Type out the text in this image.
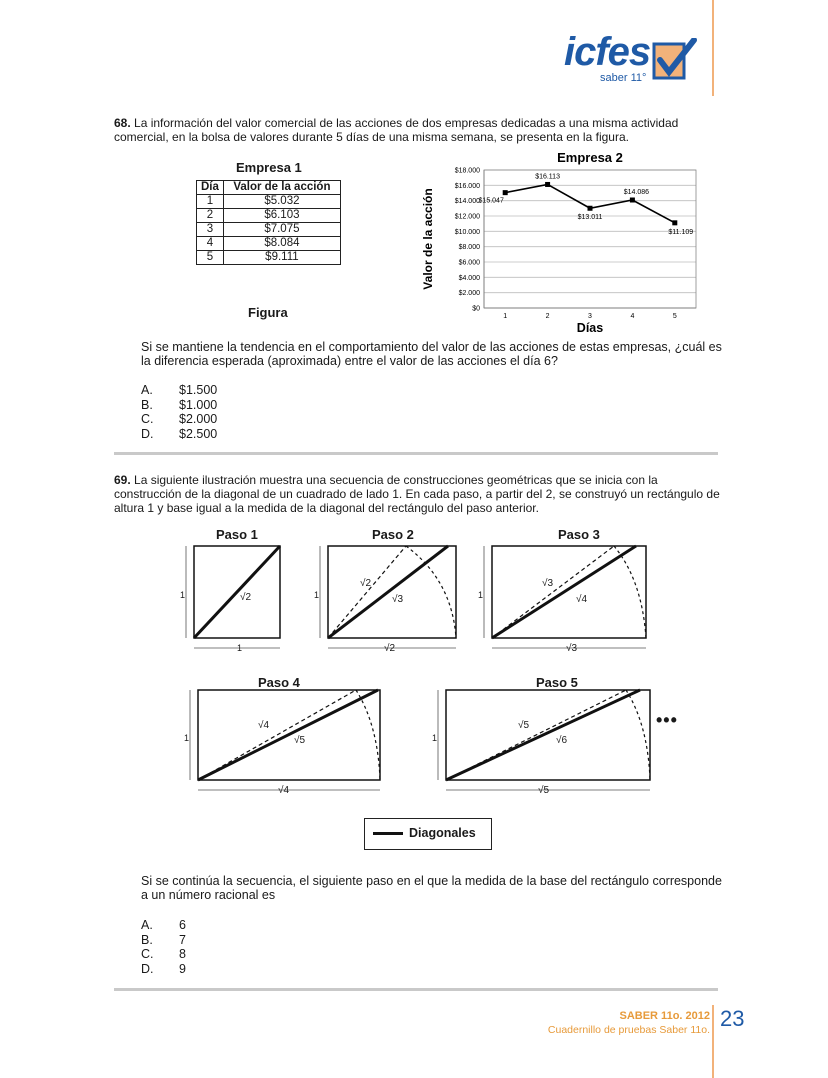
icfes
saber 11°
68. La información del valor comercial de las acciones de dos empresas dedicadas a una misma actividad comercial, en la bolsa de valores durante 5 días de una misma semana, se presenta en la figura.
Empresa 1
Día	Valor de la acción
1	$5.032
2	$6.103
3	$7.075
4	$8.084
5	$9.111
Figura
Empresa 2
$0
$2.000
$4.000
$6.000
$8.000
$10.000
$12.000
$14.000
$16.000
$18.000
1	2	3	4	5
$15.047
$16.113
$13.011
$14.086
$11.109
Días
Valor de la acción
Si se mantiene la tendencia en el comportamiento del valor de las acciones de estas empresas, ¿cuál es la diferencia esperada (aproximada) entre el valor de las acciones el día 6?
A.	$1.500
B.	$1.000
C.	$2.000
D.	$2.500
69. La siguiente ilustración muestra una secuencia de construcciones geométricas que se inicia con la construcción de la diagonal de un cuadrado de lado 1. En cada paso, a partir del 2, se construyó un rectángulo de altura 1 y base igual a la medida de la diagonal del rectángulo del paso anterior.
Paso 1	Paso 2	Paso 3
Paso 4	Paso 5
1
1
√2	1
√2
√2
√3	1
√3
√3
√4
1
√4
√4
√5	1
√5
√5
√6
•••
Diagonales
Si se continúa la secuencia, el siguiente paso en el que la medida de la base del rectángulo corresponde a un número racional es
A.	6
B.	7
C.	8
D.	9
SABER 11o. 2012
Cuadernillo de pruebas Saber 11o. 23
